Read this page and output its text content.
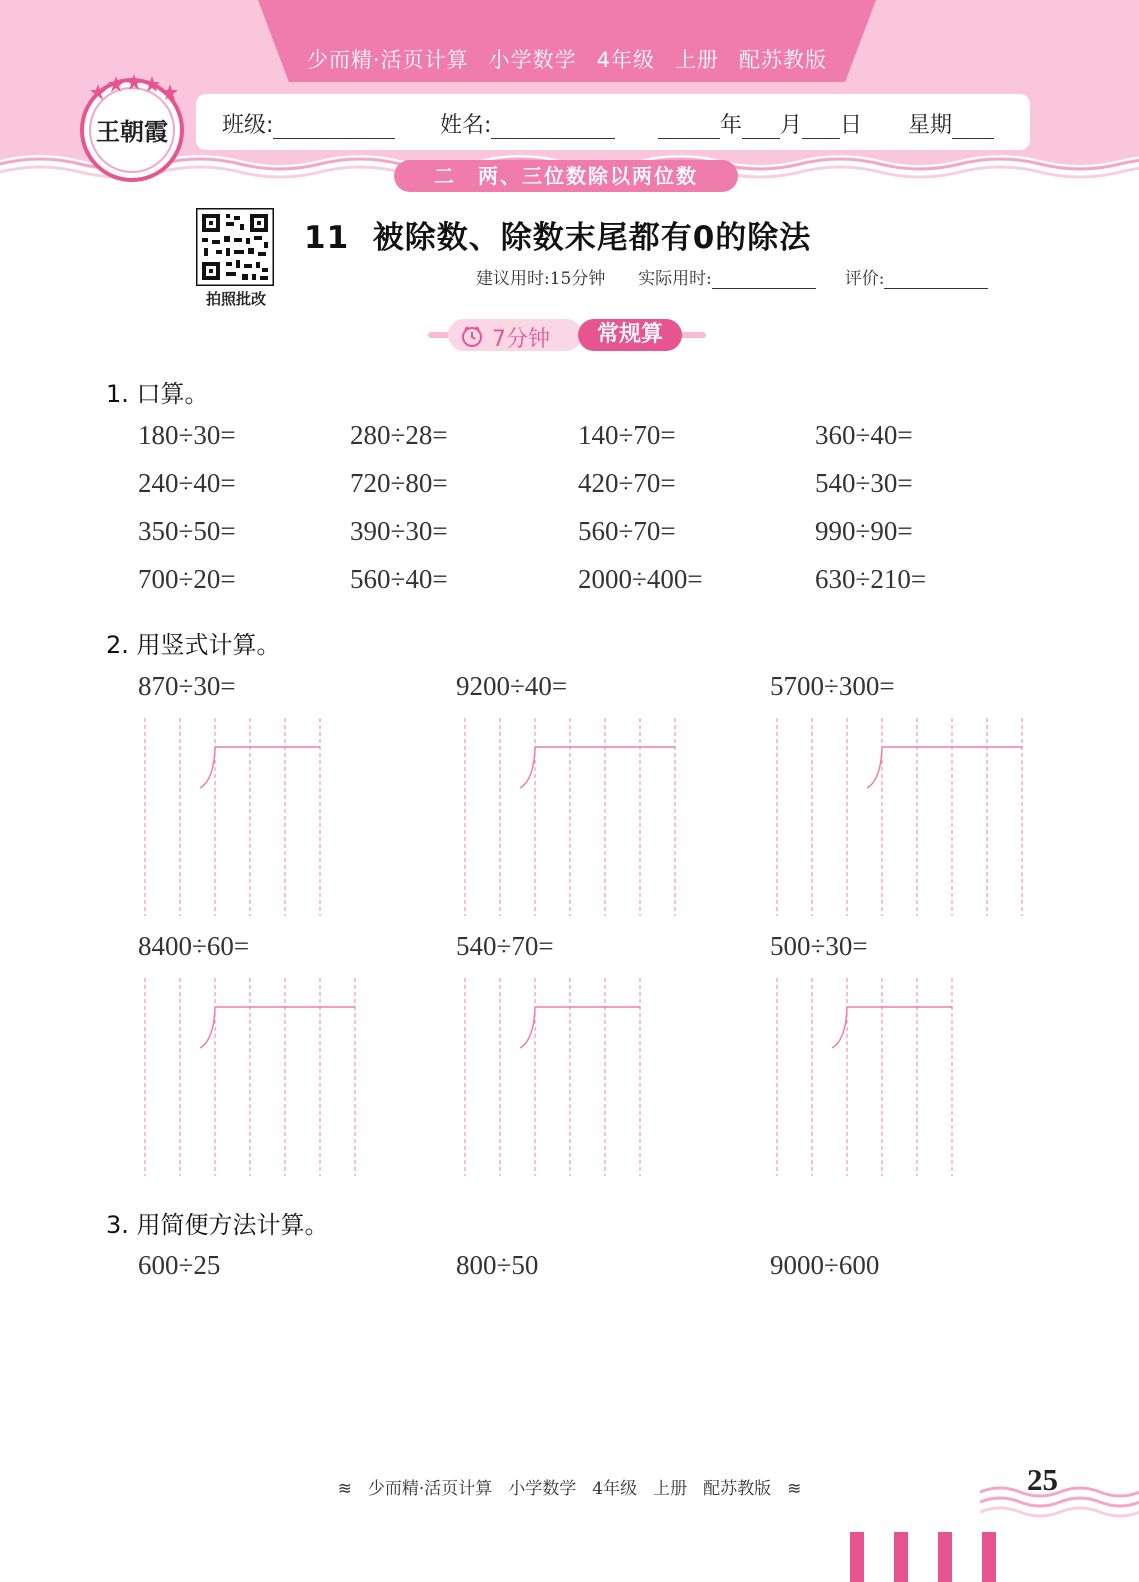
少而精·活页计算 小学数学 4年级 上册 配苏教版
班级:	姓名:	年 月 日 星期
二　两、三位数除以两位数
王朝霞
拍照批改
11  被除数、除数末尾都有0的除法
建议用时:15分钟 实际用时:	评价:
7分钟	常规算
1. 口算。
180÷30=	280÷28=	140÷70=	360÷40=
240÷40=	720÷80=	420÷70=	540÷30=
350÷50=	390÷30=	560÷70=	990÷90=
700÷20=	560÷40=	2000÷400=	630÷210=
2. 用竖式计算。
870÷30=	9200÷40=	5700÷300=
8400÷60=	540÷70=	500÷30=
3. 用简便方法计算。
600÷25	800÷50	9000÷600
≋ 少而精·活页计算 小学数学 4年级 上册 配苏教版 ≋	25
